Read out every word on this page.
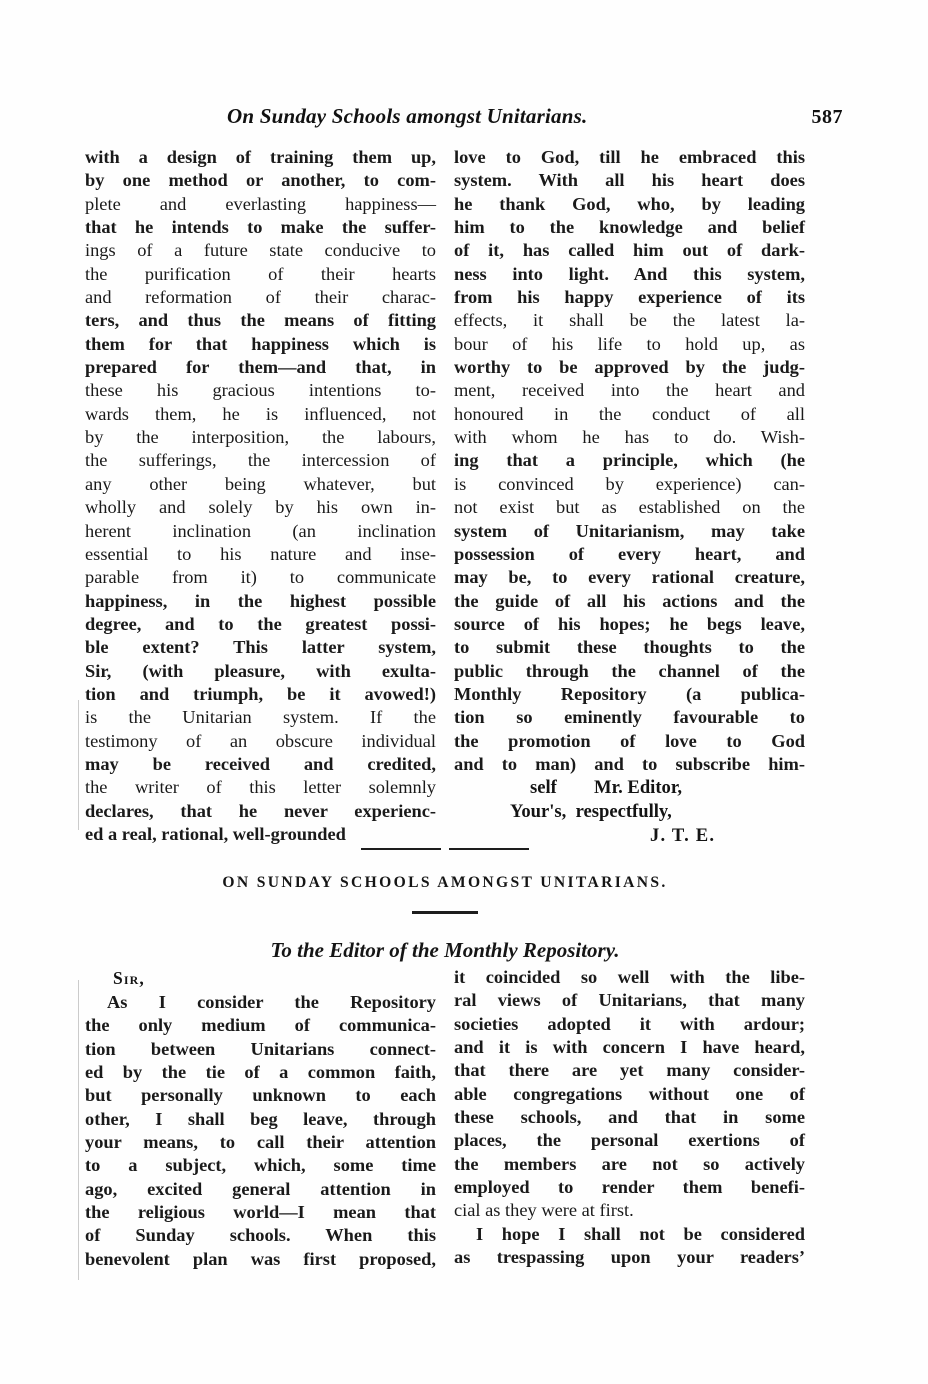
On Sunday Schools amongst Unitarians.	587
with a design of training them up,
by one method or another, to com-
plete and everlasting happiness—
that he intends to make the suffer-
ings of a future state conducive to
the purification of their hearts
and reformation of their charac-
ters, and thus the means of fitting
them for that happiness which is
prepared for them—and that, in
these his gracious intentions to-
wards them, he is influenced, not
by the interposition, the labours,
the sufferings, the intercession of
any other being whatever, but
wholly and solely by his own in-
herent inclination (an inclination
essential to his nature and inse-
parable from it) to communicate
happiness, in the highest possible
degree, and to the greatest possi-
ble extent? This latter system,
Sir, (with pleasure, with exulta-
tion and triumph, be it avowed!)
is the Unitarian system. If the
testimony of an obscure individual
may be received and credited,
the writer of this letter solemnly
declares, that he never experienc-
ed a real, rational, well-grounded
love to God, till he embraced this
system. With all his heart does
he thank God, who, by leading
him to the knowledge and belief
of it, has called him out of dark-
ness into light. And this system,
from his happy experience of its
effects, it shall be the latest la-
bour of his life to hold up, as
worthy to be approved by the judg-
ment, received into the heart and
honoured in the conduct of all
with whom he has to do. Wish-
ing that a principle, which (he
is convinced by experience) can-
not exist but as established on the
system of Unitarianism, may take
possession of every heart, and
may be, to every rational creature,
the guide of all his actions and the
source of his hopes; he begs leave,
to submit these thoughts to the
public through the channel of the
Monthly Repository (a publica-
tion so eminently favourable to
the promotion of love to God
and to man) and to subscribe him-
self        Mr. Editor,
Your's,  respectfully,
J. T. E.
ON SUNDAY SCHOOLS AMONGST UNITARIANS.
To the Editor of the Monthly Repository.
Sir,
As I consider the Repository
the only medium of communica-
tion between Unitarians connect-
ed by the tie of a common faith,
but personally unknown to each
other, I shall beg leave, through
your means, to call their attention
to a subject, which, some time
ago, excited general attention in
the religious world—I mean that
of Sunday schools. When this
benevolent plan was first proposed,
it coincided so well with the libe-
ral views of Unitarians, that many
societies adopted it with ardour;
and it is with concern I have heard,
that there are yet many consider-
able congregations without one of
these schools, and that in some
places, the personal exertions of
the members are not so actively
employed to render them benefi-
cial as they were at first.
I hope I shall not be considered
as trespassing upon your readers’
